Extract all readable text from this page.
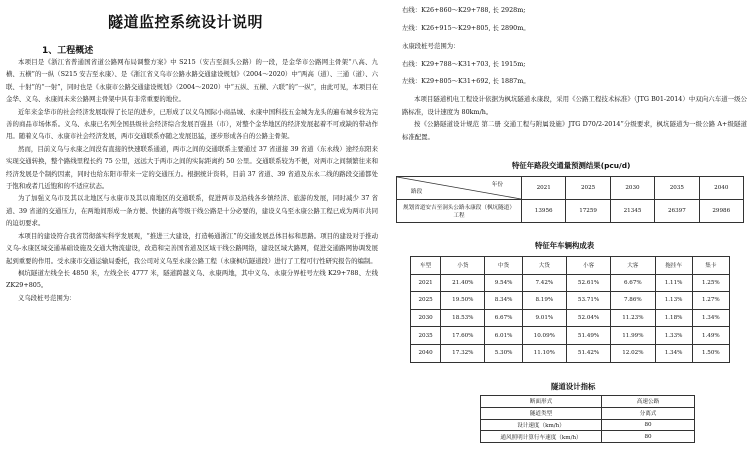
隧道监控系统设计说明
1、工程概述

本项目是《浙江省普通国省道公路网布局调整方案》中 S215（安吉至洞头公路）的一段，是金华市公路网主骨架“八高、九横、五横”的一纵（S215 安吉至永康）、是《浙江省义乌市公路水路交通建设规划》（2004～2020）中“两高（道）、三通（道）、六联、十射”的“一射”，同时也是《永康市公路交通建设规划》（2004～2020）中“五纵、五横、六联”的“一纵”，由此可见，本项目在金华、义乌、永康间未来公路网主骨架中具有非常重要的地位。

近年来金华市的社会经济发展取得了长足的进步，已形成了以义乌国际小商品城、永康中国科技五金城为龙头的遍布城乡较为完善的商品市场体系。义乌、永康已名列全国县级社会经济综合发展百强县（市），对整个金华地区的经济发展起着不可或缺的带动作用。随着义乌市、永康市社会经济发展，两市交通联系亦随之发展迅猛，逐步形成各自的公路主骨架。

然而，目前义乌与永康之间没有直接的快速联系通道，两市之间的交通联系主要通过 37 省道接 39 省道（东永线）途经东阳来实现交通转换，整个路线里程长约 75 公里，远远大于两市之间的实际距离约 50 公里。交通联系较为不便，对两市之间频繁往来和经济发展是个制约因素，同时也给东阳市带来一定的交通压力。根据统计资料，目前 37 省道、39 省道及东永二线的路段交通都处于饱和或者几近饱和的不适应状态。

为了加强义乌市及其以北地区与永康市及其以南地区的交通联系，促进两市及沿线各乡镇经济、旅游的发展，同时减少 37 省道、39 省道的交通压力，在两地间形成一条方便、快捷的高等级干线公路是十分必要的，建设义乌至永康公路工程已成为两市共同的迫切要求。

本项目的建设符合我省贯彻落实科学发展观，“推进三大建设，打造畅通浙江”的交通发展总体目标和思路。项目的建设对于推动义乌-永康区域交通基础设施及交通大物流建设，改造和完善国省道及区域干线公路网络，建设区域大路网，促进交通路网协调发展起到重要的作用。受永康市交通运输局委托，我公司对义乌至永康公路工程（永康枫坑隧道段）进行了工程可行性研究报告的编制。

枫坑隧道左线全长 4850 米，左线全长 4777 米，隧道跨越义乌、永康两地，其中义乌、永康分界桩号左线 K29+788、左线 ZK29+805。

义乌段桩号范围为：

右线：K26+860～K29+788, 长 2928m;
左线：K26+915～K29+805, 长 2890m。
永康段桩号范围为：
右线：K29+788～K31+703, 长 1915m;
左线：K29+805～K31+692, 长 1887m。

本项目隧道机电工程设计依据为枫坑隧道永康段，采用《公路工程技术标准》（JTG B01-2014）中双向六车道一级公路标准，设计速度为 80km/h。

按《公路隧道设计规范 第二册 交通工程与附属设施》JTG D70/2-2014”分级要求，枫坑隧道为一级公路 A+级隧道标准配置。

特征年路段交通量预测结果(pcu/d)
年份
路段	2021	2025	2030	2035	2040
规划省道安吉至洞头公路永康段（枫坑隧道）工程	13956	17259	21345	26397	29986
特征年车辆构成表
车型	小货	中货	大货	小客	大客	拖挂车	集卡
2021	21.40%	9.54%	7.42%	52.61%	6.67%	1.11%	1.25%
2025	19.50%	8.34%	8.19%	53.71%	7.86%	1.13%	1.27%
2030	18.53%	6.67%	9.01%	52.04%	11.23%	1.18%	1.34%
2035	17.60%	6.01%	10.09%	51.49%	11.99%	1.33%	1.49%
2040	17.32%	5.30%	11.10%	51.42%	12.02%	1.34%	1.50%
隧道设计指标
断面形式	高速公路
隧道类型	分离式
设计速度（km/h）	80
通风照明计算行车速度（km/h）	80
